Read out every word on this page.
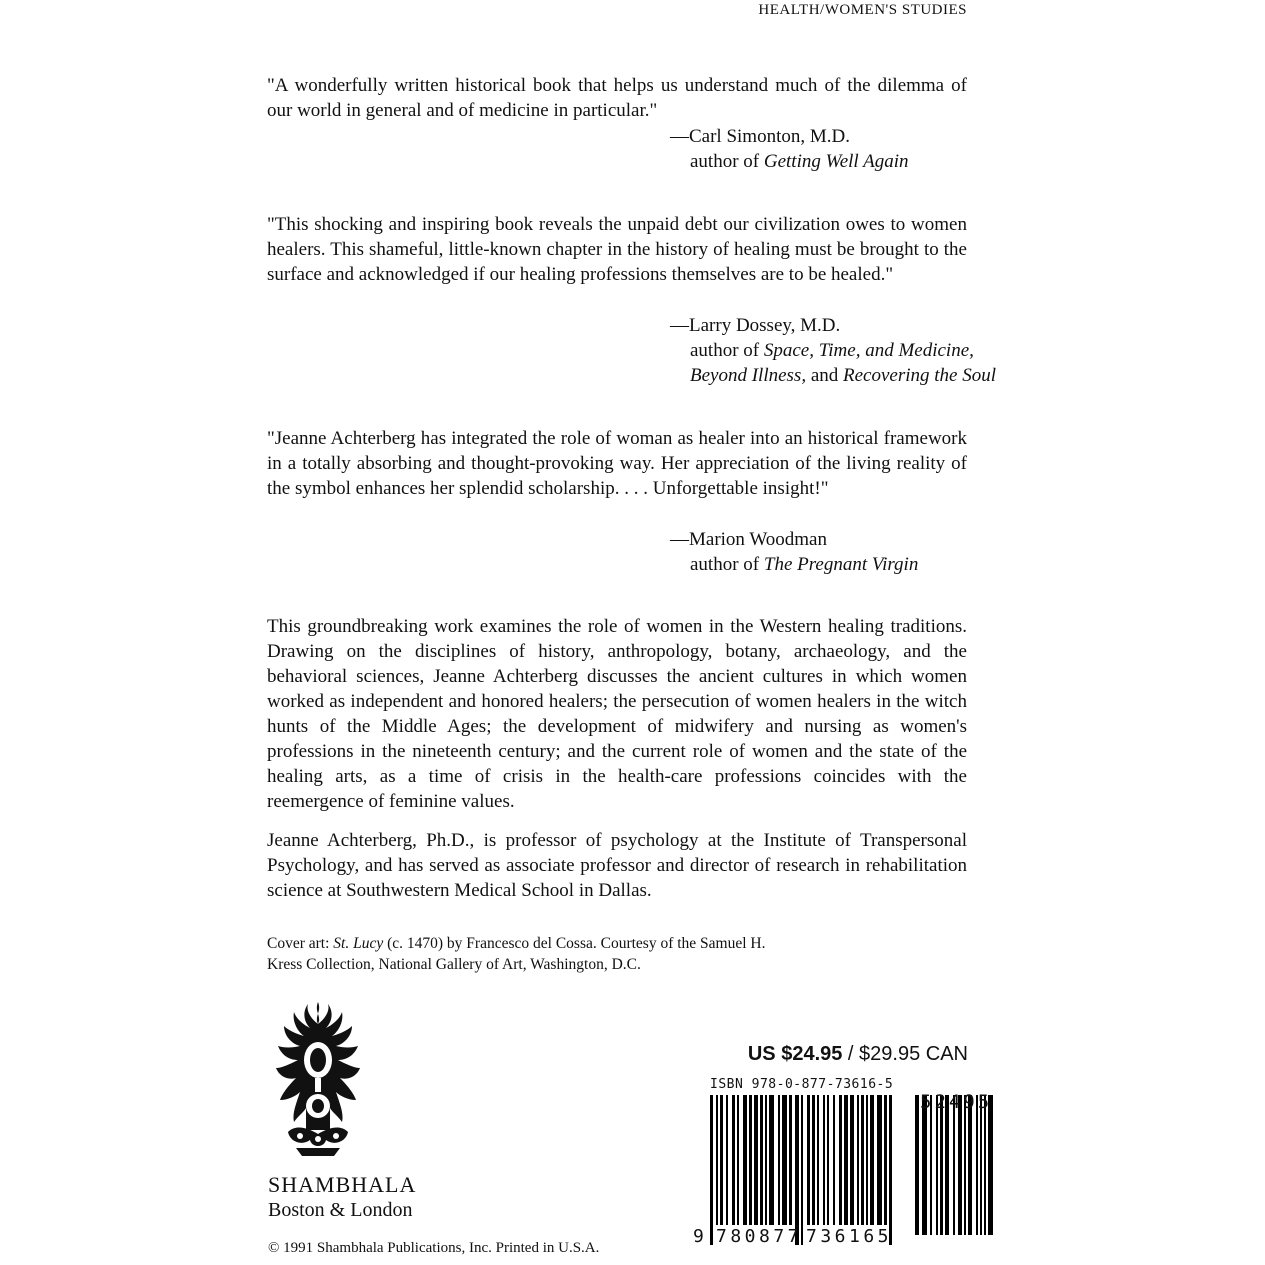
HEALTH/WOMEN'S STUDIES
"A wonderfully written historical book that helps us understand much of the dilemma of our world in general and of medicine in particular."
—Carl Simonton, M.D.
author of Getting Well Again
"This shocking and inspiring book reveals the unpaid debt our civilization owes to women healers. This shameful, little-known chapter in the history of healing must be brought to the surface and acknowledged if our healing professions themselves are to be healed."
—Larry Dossey, M.D.
author of Space, Time, and Medicine,
Beyond Illness, and Recovering the Soul
"Jeanne Achterberg has integrated the role of woman as healer into an historical framework in a totally absorbing and thought-provoking way. Her appreciation of the living reality of the symbol enhances her splendid scholarship. . . . Unforgettable insight!"
—Marion Woodman
author of The Pregnant Virgin
This groundbreaking work examines the role of women in the Western healing traditions. Drawing on the disciplines of history, anthropology, botany, archaeology, and the behavioral sciences, Jeanne Achterberg discusses the ancient cultures in which women worked as independent and honored healers; the persecution of women healers in the witch hunts of the Middle Ages; the development of midwifery and nursing as women's professions in the nineteenth century; and the current role of women and the state of the healing arts, as a time of crisis in the health-care professions coincides with the reemergence of feminine values.
Jeanne Achterberg, Ph.D., is professor of psychology at the Institute of Transpersonal Psychology, and has served as associate professor and director of research in rehabilitation science at Southwestern Medical School in Dallas.
Cover art: St. Lucy (c. 1470) by Francesco del Cossa. Courtesy of the Samuel H. Kress Collection, National Gallery of Art, Washington, D.C.
SHAMBHALA
Boston & London
© 1991 Shambhala Publications, Inc. Printed in U.S.A.
US $24.95 / $29.95 CAN
ISBN 978-0-877-73616-5
9 780877 736165
52495
